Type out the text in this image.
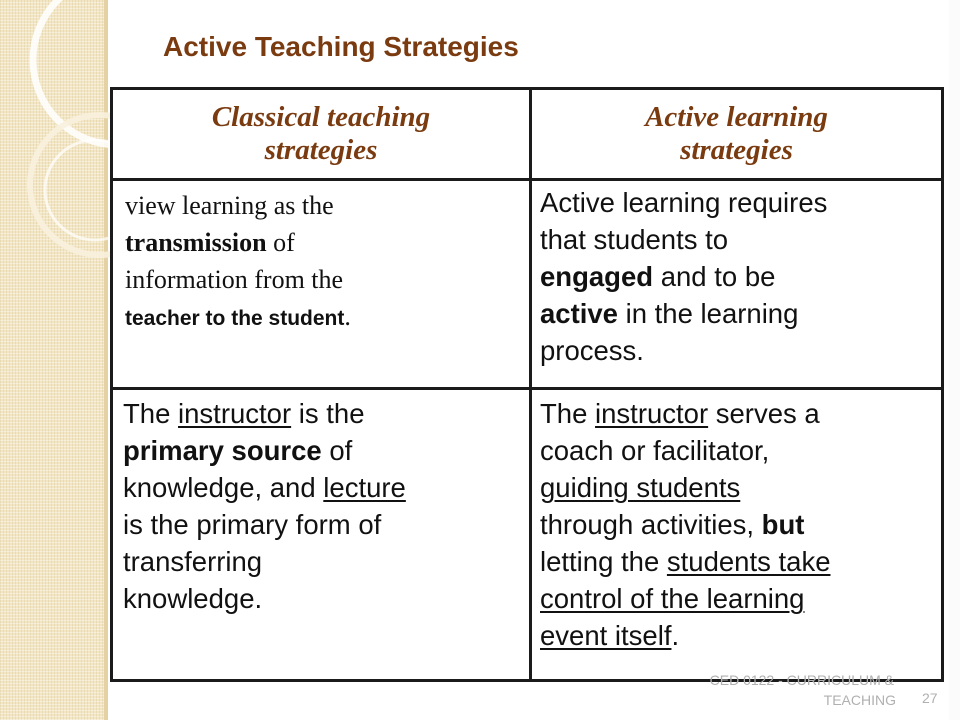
Active Teaching Strategies
Classical teaching
strategies
Active learning
strategies
view learning as the
transmission of
information from the
teacher to the student.
Active learning requires
that students to
engaged and to be
active in the learning
process.
The instructor is the
primary source of
knowledge, and lecture
is the primary form of
transferring
knowledge.
The instructor serves a
coach or facilitator,
guiding students
through activities, but
letting the students take
control of the learning
event itself.
CED 0122 - CURRICULUM &
TEACHING 27
